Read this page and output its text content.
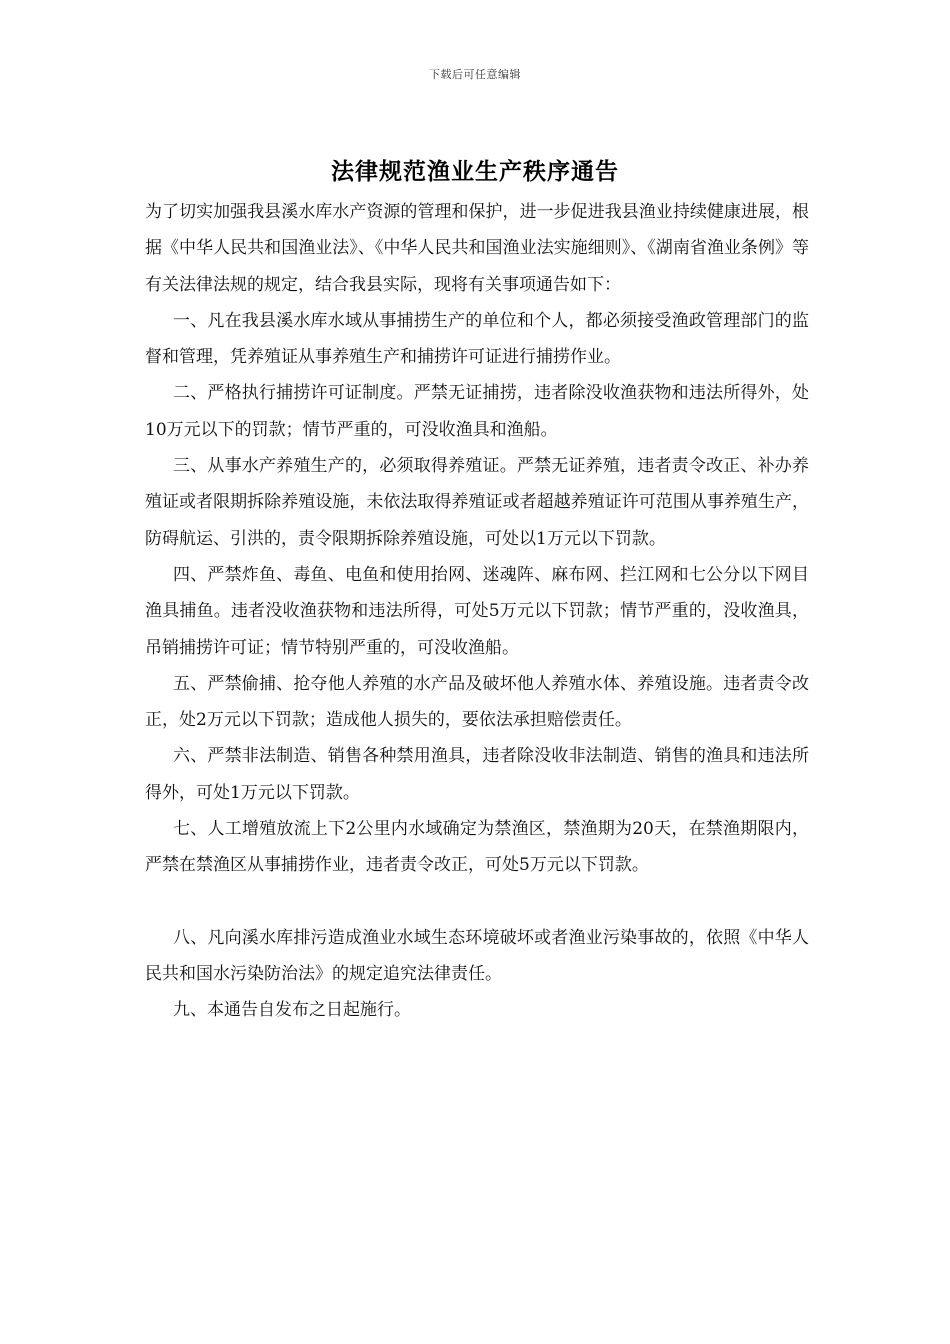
下载后可任意编辑
法律规范渔业生产秩序通告

为了切实加强我县溪水库水产资源的管理和保护，进一步促进我县渔业持续健康进展，根据《中华人民共和国渔业法》、《中华人民共和国渔业法实施细则》、《湖南省渔业条例》等有关法律法规的规定，结合我县实际，现将有关事项通告如下：

一、凡在我县溪水库水域从事捕捞生产的单位和个人，都必须接受渔政管理部门的监督和管理，凭养殖证从事养殖生产和捕捞许可证进行捕捞作业。

二、严格执行捕捞许可证制度。严禁无证捕捞，违者除没收渔获物和违法所得外，处10万元以下的罚款；情节严重的，可没收渔具和渔船。

三、从事水产养殖生产的，必须取得养殖证。严禁无证养殖，违者责令改正、补办养殖证或者限期拆除养殖设施，未依法取得养殖证或者超越养殖证许可范围从事养殖生产，防碍航运、引洪的，责令限期拆除养殖设施，可处以1万元以下罚款。

四、严禁炸鱼、毒鱼、电鱼和使用抬网、迷魂阵、麻布网、拦江网和七公分以下网目渔具捕鱼。违者没收渔获物和违法所得，可处5万元以下罚款；情节严重的，没收渔具，吊销捕捞许可证；情节特别严重的，可没收渔船。

五、严禁偷捕、抢夺他人养殖的水产品及破坏他人养殖水体、养殖设施。违者责令改正，处2万元以下罚款；造成他人损失的，要依法承担赔偿责任。

六、严禁非法制造、销售各种禁用渔具，违者除没收非法制造、销售的渔具和违法所得外，可处1万元以下罚款。

七、人工增殖放流上下2公里内水域确定为禁渔区，禁渔期为20天，在禁渔期限内，严禁在禁渔区从事捕捞作业，违者责令改正，可处5万元以下罚款。

八、凡向溪水库排污造成渔业水域生态环境破坏或者渔业污染事故的，依照《中华人民共和国水污染防治法》的规定追究法律责任。

九、本通告自发布之日起施行。
